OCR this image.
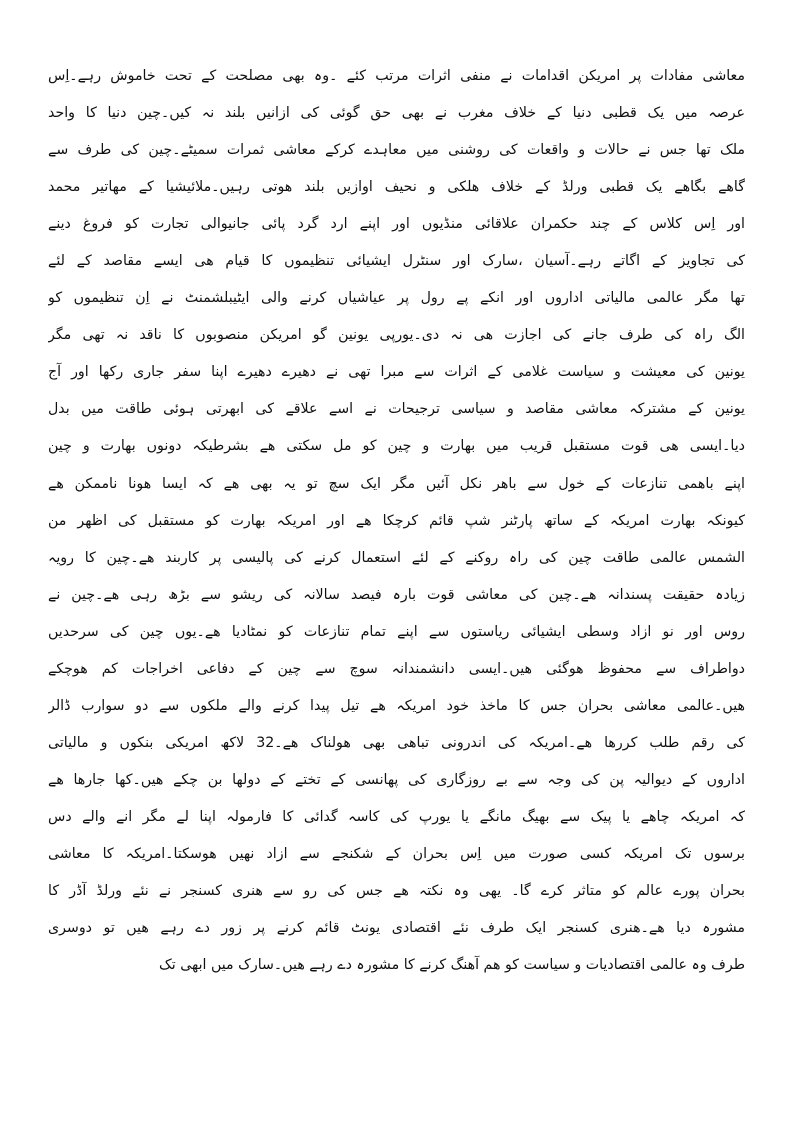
معاشی مفادات پر امریکن اقدامات نے منفی اثرات مرتب کئے ۔وہ بھی مصلحت کے تحت خاموش رہے۔اِس
عرصہ میں یک قطبی دنیا کے خلاف مغرب نے بھی حق گوئی کی ازانیں بلند نہ کیں۔چین دنیا کا واحد
ملک تھا جس نے حالات و واقعات کی روشنی میں معاہدے کرکے معاشی ثمرات سمیٹے۔چین کی طرف سے
گاھے بگاھے یک قطبی ورلڈ کے خلاف ھلکی و نحیف اوازیں بلند ھوتی رہیں۔ملائیشیا کے مھاتیر محمد
اور اِس کلاس کے چند حکمران علاقائی منڈیوں اور اپنے ارد گرد پائی جانیوالی تجارت کو فروغ دینے
کی تجاویز کے اگاتے رہے۔آسیان ،سارک اور سنٹرل ایشیائی تنظیموں کا قیام ھی ایسے مقاصد کے لئے
تھا مگر عالمی مالیاتی اداروں اور انکے پے رول پر عیاشیاں کرنے والی ایٹیبلشمنٹ نے اِن تنظیموں کو
الگ راہ کی طرف جانے کی اجازت ھی نہ دی۔یورپی یونین گو امریکن منصوبوں کا ناقد نہ تھی مگر
یونین کی معیشت و سیاست غلامی کے اثرات سے مبرا تھی نے دھیرے دھیرے اپنا سفر جاری رکھا اور آج
یونین کے مشترکہ معاشی مقاصد و سیاسی ترجیحات نے اسے علاقے کی ابھرتی ہوئی طاقت میں بدل
دیا۔ایسی ھی قوت مستقبل قریب میں بھارت و چین کو مل سکتی ھے بشرطیکہ دونوں بھارت و چین
اپنے باھمی تنازعات کے خول سے باھر نکل آئیں مگر ایک سچ تو یہ بھی ھے کہ ایسا ھونا ناممکن ھے
کیونکہ بھارت امریکہ کے ساتھ پارٹنر شپ قائم کرچکا ھے اور امریکہ بھارت کو مستقبل کی اظھر من
الشمس عالمی طاقت چین کی راہ روکنے کے لئے استعمال کرنے کی پالیسی پر کاربند ھے۔چین کا رویہ
زیادہ حقیقت پسندانہ ھے۔چین کی معاشی قوت بارہ فیصد سالانہ کی ریشو سے بڑھ رہی ھے۔چین نے
روس اور نو ازاد وسطی ایشیائی ریاستوں سے اپنے تمام تنازعات کو نمٹادیا ھے۔یوں چین کی سرحدیں
دواطراف سے محفوظ ھوگئی ھیں۔ایسی دانشمندانہ سوچ سے چین کے دفاعی اخراجات کم ھوچکے
ھیں۔عالمی معاشی بحران جس کا ماخذ خود امریکہ ھے تیل پیدا کرنے والے ملکوں سے دو سوارب ڈالر
کی رقم طلب کررھا ھے۔امریکہ کی اندرونی تباھی بھی ھولناک ھے۔32 لاکھ امریکی بنکوں و مالیاتی
اداروں کے دیوالیہ پن کی وجہ سے بے روزگاری کی پھانسی کے تختے کے دولھا بن چکے ھیں۔کھا جارھا ھے
کہ امریکہ چاھے یا پیک سے بھیگ مانگے یا یورپ کی کاسہ گدائی کا فارمولہ اپنا لے مگر انے والے دس
برسوں تک امریکہ کسی صورت میں اِس بحران کے شکنجے سے ازاد نھیں ھوسکتا۔امریکہ کا معاشی
بحران پورے عالم کو متاثر کرے گا۔ یھی وہ نکتہ ھے جس کی رو سے ھنری کسنجر نے نئے ورلڈ آڈر کا
مشورہ دیا ھے۔ھنری کسنجر ایک طرف نئے اقتصادی یونٹ قائم کرنے پر زور دے رہے ھیں تو دوسری
طرف وہ عالمی اقتصادیات و سیاست کو ھم آھنگ کرنے کا مشورہ دے رہے ھیں۔سارک میں ابھی تک
